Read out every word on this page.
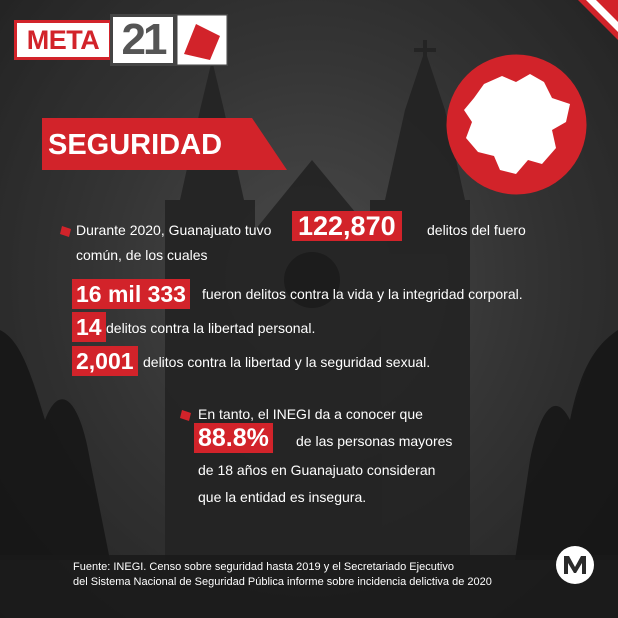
META 21
SEGURIDAD
Durante 2020, Guanajuato tuvo 122,870	delitos del fuero
común, de los cuales
16 mil 333 fueron delitos contra la vida y la integridad corporal.
14 delitos contra la libertad personal.
2,001 delitos contra la libertad y la seguridad sexual.
En tanto, el INEGI da a conocer que
88.8% de las personas mayores
de 18 años en Guanajuato consideran
que la entidad es insegura.
Fuente: INEGI. Censo sobre seguridad hasta 2019 y el Secretariado Ejecutivo
del Sistema Nacional de Seguridad Pública informe sobre incidencia delictiva de 2020
